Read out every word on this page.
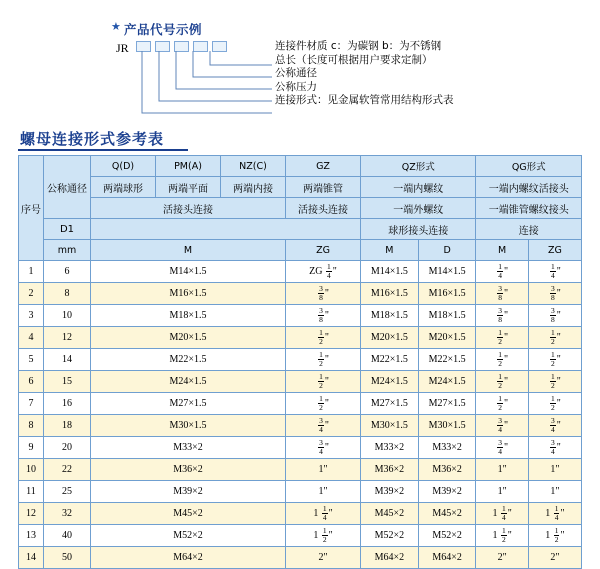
★ 产品代号示例
JR	连接件材质 c：为碳钢 b：为不锈钢
总长（长度可根据用户要求定制）
公称通径
公称压力
连接形式：见金属软管常用结构形式表
螺母连接形式参考表
序号	公称通径	Q(D)	PM(A)	NZ(C)	GZ	QZ形式		QG形式	
		两端球形	两端平面	两端内接	两端锥管	一端内螺纹		一端内螺纹活接头	
		活接头连接			活接头连接	一端外螺纹		一端锥管螺纹接头	
	D1					球形接头连接		连接	
	mm	M			ZG	M	D	M	ZG
1	6	M14×1.5			ZG $\frac{1}{4}$ "	M14×1.5	M14×1.5	$\frac{1}{4}$ "	$\frac{1}{4}$ "
2	8	M16×1.5			$\frac{3}{8}$ "	M16×1.5	M16×1.5	$\frac{3}{8}$ "	$\frac{3}{8}$ "
3	10	M18×1.5			$\frac{3}{8}$ "	M18×1.5	M18×1.5	$\frac{3}{8}$ "	$\frac{3}{8}$ "
4	12	M20×1.5			$\frac{1}{2}$ "	M20×1.5	M20×1.5	$\frac{1}{2}$ "	$\frac{1}{2}$ "
5	14	M22×1.5			$\frac{1}{2}$ "	M22×1.5	M22×1.5	$\frac{1}{2}$ "	$\frac{1}{2}$ "
6	15	M24×1.5			$\frac{1}{2}$ "	M24×1.5	M24×1.5	$\frac{1}{2}$ "	$\frac{1}{2}$ "
7	16	M27×1.5			$\frac{1}{2}$ "	M27×1.5	M27×1.5	$\frac{1}{2}$ "	$\frac{1}{2}$ "
8	18	M30×1.5			$\frac{3}{4}$ "	M30×1.5	M30×1.5	$\frac{3}{4}$ "	$\frac{3}{4}$ "
9	20	M33×2			$\frac{3}{4}$ "	M33×2	M33×2	$\frac{3}{4}$ "	$\frac{3}{4}$ "
10	22	M36×2			1"	M36×2	M36×2	1"	1"
11	25	M39×2			1"	M39×2	M39×2	1"	1"
12	32	M45×2			$1 \frac{1}{4}$ "	M45×2	M45×2	$1 \frac{1}{4}$ "	$1 \frac{1}{4}$ "
13	40	M52×2			$1 \frac{1}{2}$ "	M52×2	M52×2	$1 \frac{1}{2}$ "	$1 \frac{1}{2}$ "
14	50	M64×2			2"	M64×2	M64×2	2"	2"
